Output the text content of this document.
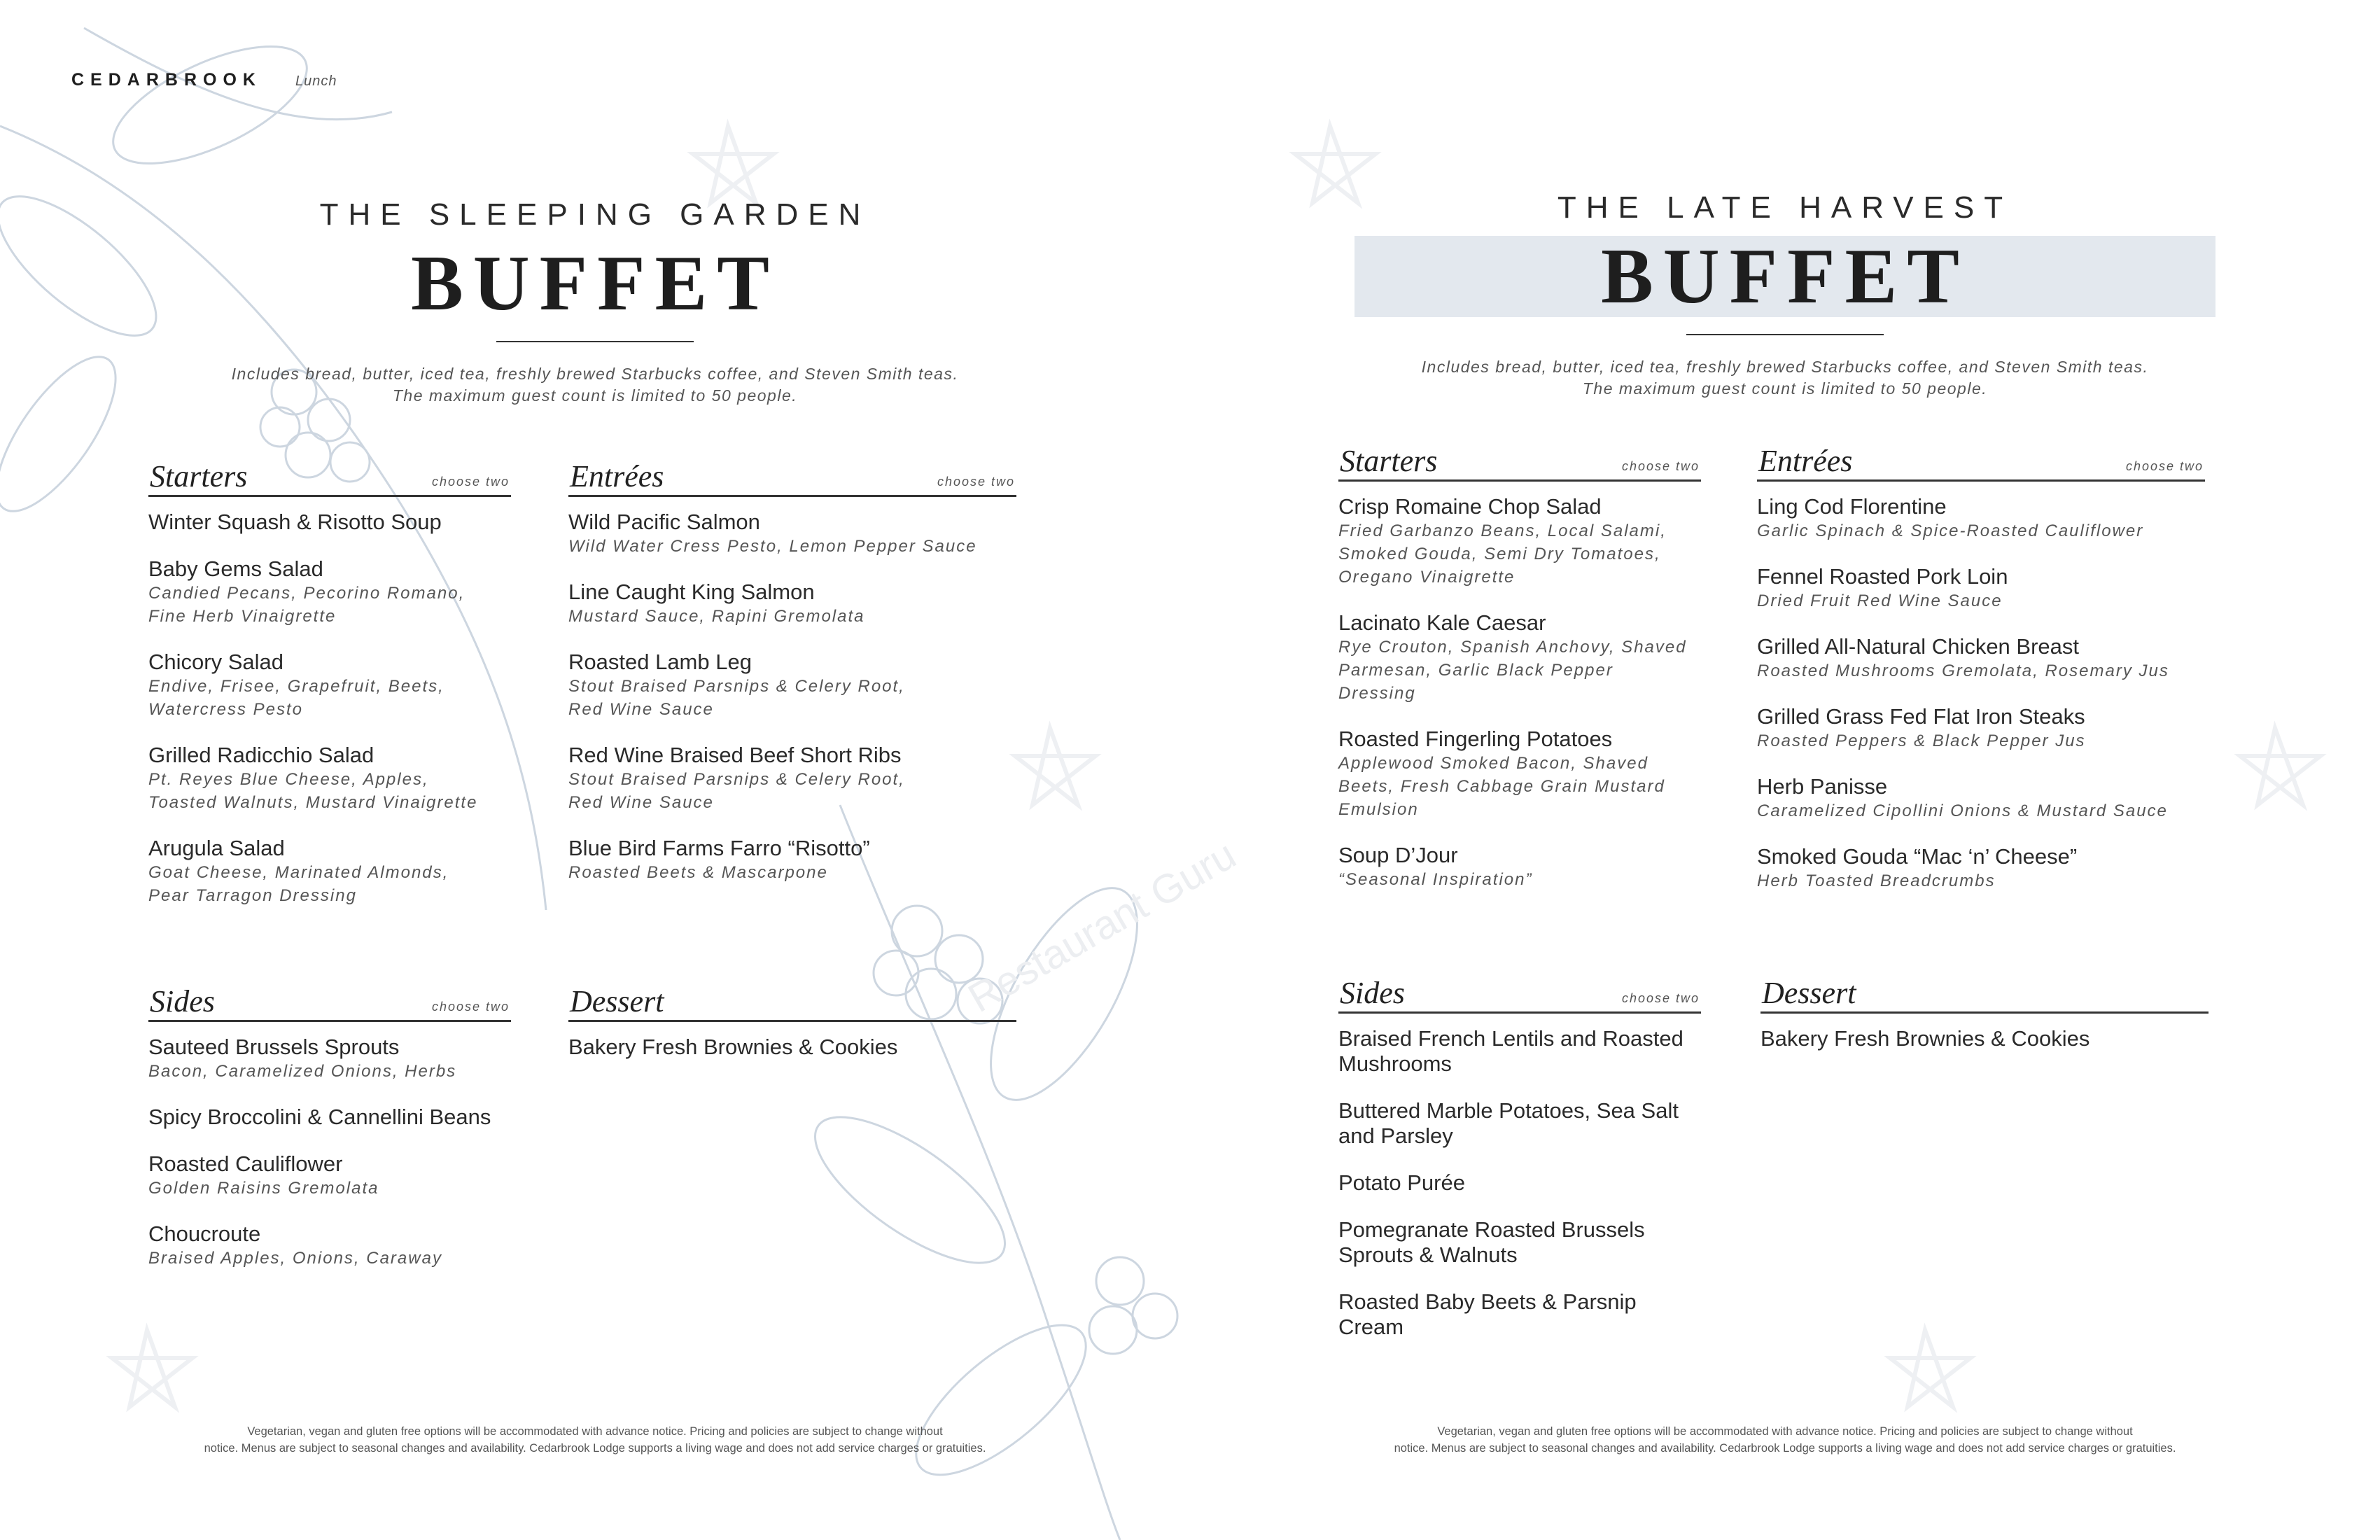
CEDARBROOK Lunch
THE SLEEPING GARDEN
BUFFET
Includes bread, butter, iced tea, freshly brewed Starbucks coffee, and Steven Smith teas.
The maximum guest count is limited to 50 people.
Starters	choose two
Winter Squash & Risotto Soup
Baby Gems Salad
Candied Pecans, Pecorino Romano,
Fine Herb Vinaigrette
Chicory Salad
Endive, Frisee, Grapefruit, Beets,
Watercress Pesto
Grilled Radicchio Salad
Pt. Reyes Blue Cheese, Apples,
Toasted Walnuts, Mustard Vinaigrette
Arugula Salad
Goat Cheese, Marinated Almonds,
Pear Tarragon Dressing
Entrées	choose two
Wild Pacific Salmon
Wild Water Cress Pesto, Lemon Pepper Sauce
Line Caught King Salmon
Mustard Sauce, Rapini Gremolata
Roasted Lamb Leg
Stout Braised Parsnips & Celery Root,
Red Wine Sauce
Red Wine Braised Beef Short Ribs
Stout Braised Parsnips & Celery Root,
Red Wine Sauce
Blue Bird Farms Farro “Risotto”
Roasted Beets & Mascarpone
Sides	choose two
Sauteed Brussels Sprouts
Bacon, Caramelized Onions, Herbs
Spicy Broccolini & Cannellini Beans
Roasted Cauliflower
Golden Raisins Gremolata
Choucroute
Braised Apples, Onions, Caraway
Dessert
Bakery Fresh Brownies & Cookies
Vegetarian, vegan and gluten free options will be accommodated with advance notice. Pricing and policies are subject to change without
notice. Menus are subject to seasonal changes and availability. Cedarbrook Lodge supports a living wage and does not add service charges or gratuities.
THE LATE HARVEST
BUFFET
Includes bread, butter, iced tea, freshly brewed Starbucks coffee, and Steven Smith teas.
The maximum guest count is limited to 50 people.
Starters	choose two
Crisp Romaine Chop Salad
Fried Garbanzo Beans, Local Salami,
Smoked Gouda, Semi Dry Tomatoes,
Oregano Vinaigrette
Lacinato Kale Caesar
Rye Crouton, Spanish Anchovy, Shaved
Parmesan, Garlic Black Pepper
Dressing
Roasted Fingerling Potatoes
Applewood Smoked Bacon, Shaved
Beets, Fresh Cabbage Grain Mustard
Emulsion
Soup D’Jour
“Seasonal Inspiration”
Entrées	choose two
Ling Cod Florentine
Garlic Spinach & Spice-Roasted Cauliflower
Fennel Roasted Pork Loin
Dried Fruit Red Wine Sauce
Grilled All-Natural Chicken Breast
Roasted Mushrooms Gremolata, Rosemary Jus
Grilled Grass Fed Flat Iron Steaks
Roasted Peppers & Black Pepper Jus
Herb Panisse
Caramelized Cipollini Onions & Mustard Sauce
Smoked Gouda “Mac ‘n’ Cheese”
Herb Toasted Breadcrumbs
Sides	choose two
Braised French Lentils and Roasted
Mushrooms
Buttered Marble Potatoes, Sea Salt
and Parsley
Potato Purée
Pomegranate Roasted Brussels
Sprouts & Walnuts
Roasted Baby Beets & Parsnip Cream
Dessert
Bakery Fresh Brownies & Cookies
Vegetarian, vegan and gluten free options will be accommodated with advance notice. Pricing and policies are subject to change without
notice. Menus are subject to seasonal changes and availability. Cedarbrook Lodge supports a living wage and does not add service charges or gratuities.
Restaurant Guru
